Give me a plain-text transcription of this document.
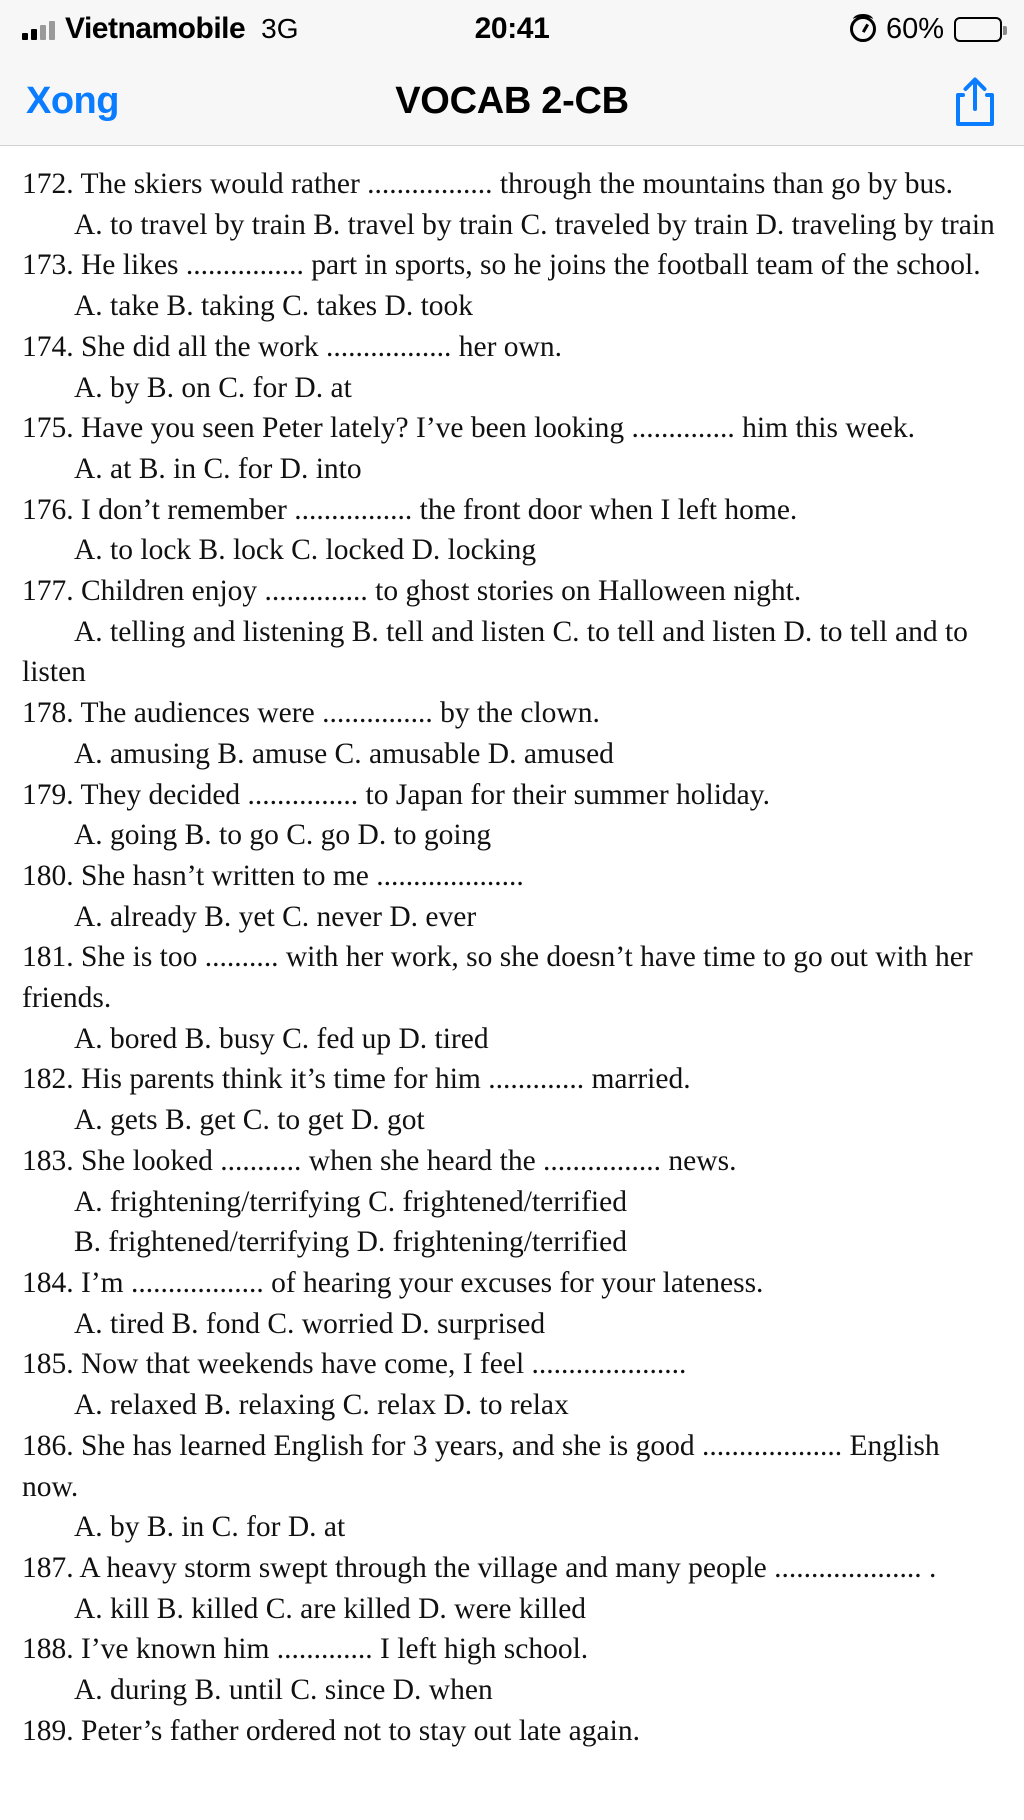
Vietnamobile 3G	20:41	60%
Xong	VOCAB 2-CB

172. The skiers would rather ................. through the mountains than go by bus.
A. to travel by train B. travel by train C. traveled by train D. traveling by train
173. He likes ................ part in sports, so he joins the football team of the school.
A. take B. taking C. takes D. took
174. She did all the work ................. her own.
A. by B. on C. for D. at
175. Have you seen Peter lately? I’ve been looking .............. him this week.
A. at B. in C. for D. into
176. I don’t remember ................ the front door when I left home.
A. to lock B. lock C. locked D. locking
177. Children enjoy .............. to ghost stories on Halloween night.
A. telling and listening B. tell and listen C. to tell and listen D. to tell and to listen
178. The audiences were ............... by the clown.
A. amusing B. amuse C. amusable D. amused
179. They decided ............... to Japan for their summer holiday.
A. going B. to go C. go D. to going
180. She hasn’t written to me ....................
A. already B. yet C. never D. ever
181. She is too .......... with her work, so she doesn’t have time to go out with her friends.
A. bored B. busy C. fed up D. tired
182. His parents think it’s time for him ............. married.
A. gets B. get C. to get D. got
183. She looked ........... when she heard the ................ news.
A. frightening/terrifying C. frightened/terrified
B. frightened/terrifying D. frightening/terrified
184. I’m .................. of hearing your excuses for your lateness.
A. tired B. fond C. worried D. surprised
185. Now that weekends have come, I feel .....................
A. relaxed B. relaxing C. relax D. to relax
186. She has learned English for 3 years, and she is good ................... English now.
A. by B. in C. for D. at
187. A heavy storm swept through the village and many people .................... .
A. kill B. killed C. are killed D. were killed
188. I’ve known him ............. I left high school.
A. during B. until C. since D. when
189. Peter’s father ordered not to stay out late again.
